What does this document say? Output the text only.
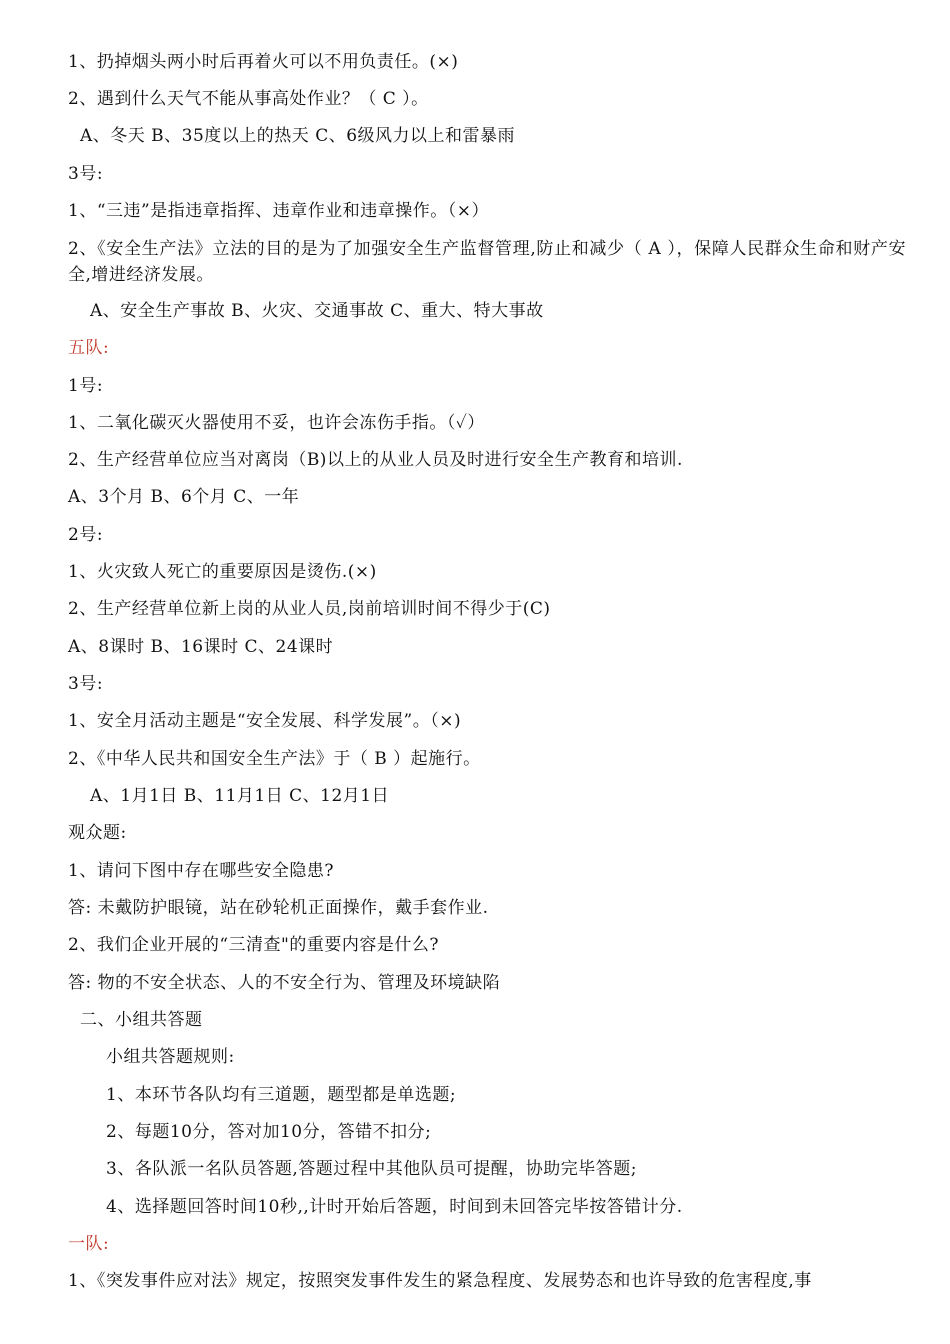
1、扔掉烟头两小时后再着火可以不用负责任。(×)
2、遇到什么天气不能从事高处作业？（ C ）。
A、冬天 B、35度以上的热天 C、6级风力以上和雷暴雨
3号:
1、“三违”是指违章指挥、违章作业和违章操作。（×）
2、《安全生产法》立法的目的是为了加强安全生产监督管理,防止和减少（ A ），保障人民群众生命和财产安全,增进经济发展。
A、安全生产事故 B、火灾、交通事故 C、重大、特大事故
五队:
1号:
1、二氧化碳灭火器使用不妥，也许会冻伤手指。（✓）
2、生产经营单位应当对离岗（B)以上的从业人员及时进行安全生产教育和培训.
A、3个月 B、6个月 C、一年
2号:
1、火灾致人死亡的重要原因是烫伤.(×)
2、生产经营单位新上岗的从业人员,岗前培训时间不得少于(C)
A、8课时 B、16课时 C、24课时
3号:
1、安全月活动主题是“安全发展、科学发展”。（×)
2、《中华人民共和国安全生产法》于（ B ）起施行。
A、1月1日 B、11月1日 C、12月1日
观众题:
1、请问下图中存在哪些安全隐患?
答: 未戴防护眼镜，站在砂轮机正面操作，戴手套作业.
2、我们企业开展的“三清查"的重要内容是什么?
答: 物的不安全状态、人的不安全行为、管理及环境缺陷
二、小组共答题
小组共答题规则:
1、本环节各队均有三道题，题型都是单选题;
2、每题10分，答对加10分，答错不扣分;
3、各队派一名队员答题,答题过程中其他队员可提醒，协助完毕答题;
4、选择题回答时间10秒,,计时开始后答题，时间到未回答完毕按答错计分.
一队:
1、《突发事件应对法》规定，按照突发事件发生的紧急程度、发展势态和也许导致的危害程度,事
